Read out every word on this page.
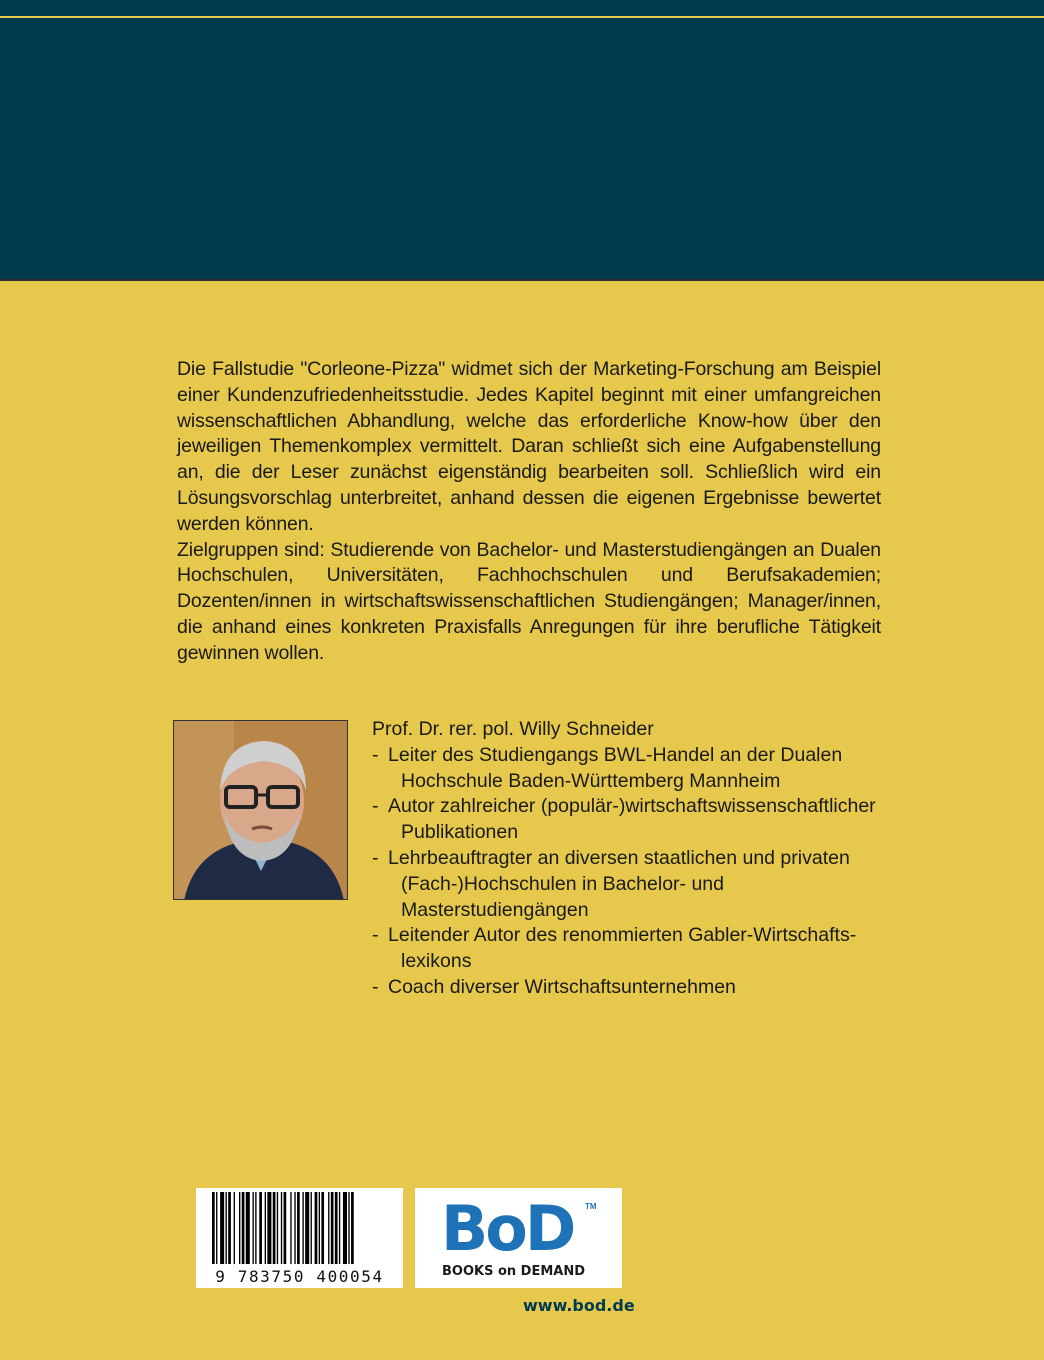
Die Fallstudie "Corleone-Pizza" widmet sich der Marketing-Forschung am Beispiel einer Kundenzufriedenheitsstudie. Jedes Kapitel beginnt mit einer umfangreichen wissenschaftlichen Abhandlung, welche das erforderliche Know-how über den jeweiligen Themenkomplex vermittelt. Daran schließt sich eine Aufgabenstellung an, die der Leser zunächst eigenständig bearbeiten soll. Schließlich wird ein Lösungsvorschlag unterbreitet, anhand dessen die eigenen Ergebnisse bewertet werden können.

Zielgruppen sind: Studierende von Bachelor- und Masterstudiengängen an Dualen Hochschulen, Universitäten, Fachhochschulen und Berufsakademien; Dozenten/innen in wirtschaftswissenschaftlichen Studiengängen; Manager/innen, die anhand eines konkreten Praxisfalls Anregungen für ihre berufliche Tätigkeit gewinnen wollen.

Prof. Dr. rer. pol. Willy Schneider
- Leiter des Studiengangs BWL-Handel an der Dualen
Hochschule Baden-Württemberg Mannheim
- Autor zahlreicher (populär-)wirtschaftswissenschaftlicher
Publikationen
- Lehrbeauftragter an diversen staatlichen und privaten
(Fach-)Hochschulen in Bachelor- und Masterstudiengängen
- Leitender Autor des renommierten Gabler-Wirtschafts-
lexikons
- Coach diverser Wirtschaftsunternehmen
9 783750 400054
BoD TM
BOOKS on DEMAND
www.bod.de
